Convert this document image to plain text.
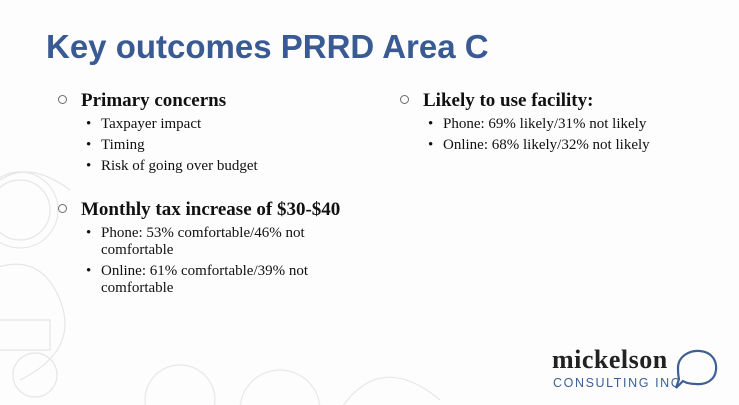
Key outcomes PRRD Area C
Primary concerns
• Taxpayer impact
• Timing
• Risk of going over budget
Monthly tax increase of $30-$40
• Phone: 53% comfortable/46% not comfortable
• Online: 61% comfortable/39% not comfortable
Likely to use facility:
• Phone: 69% likely/31% not likely
• Online: 68% likely/32% not likely
mickelson
CONSULTING INC
